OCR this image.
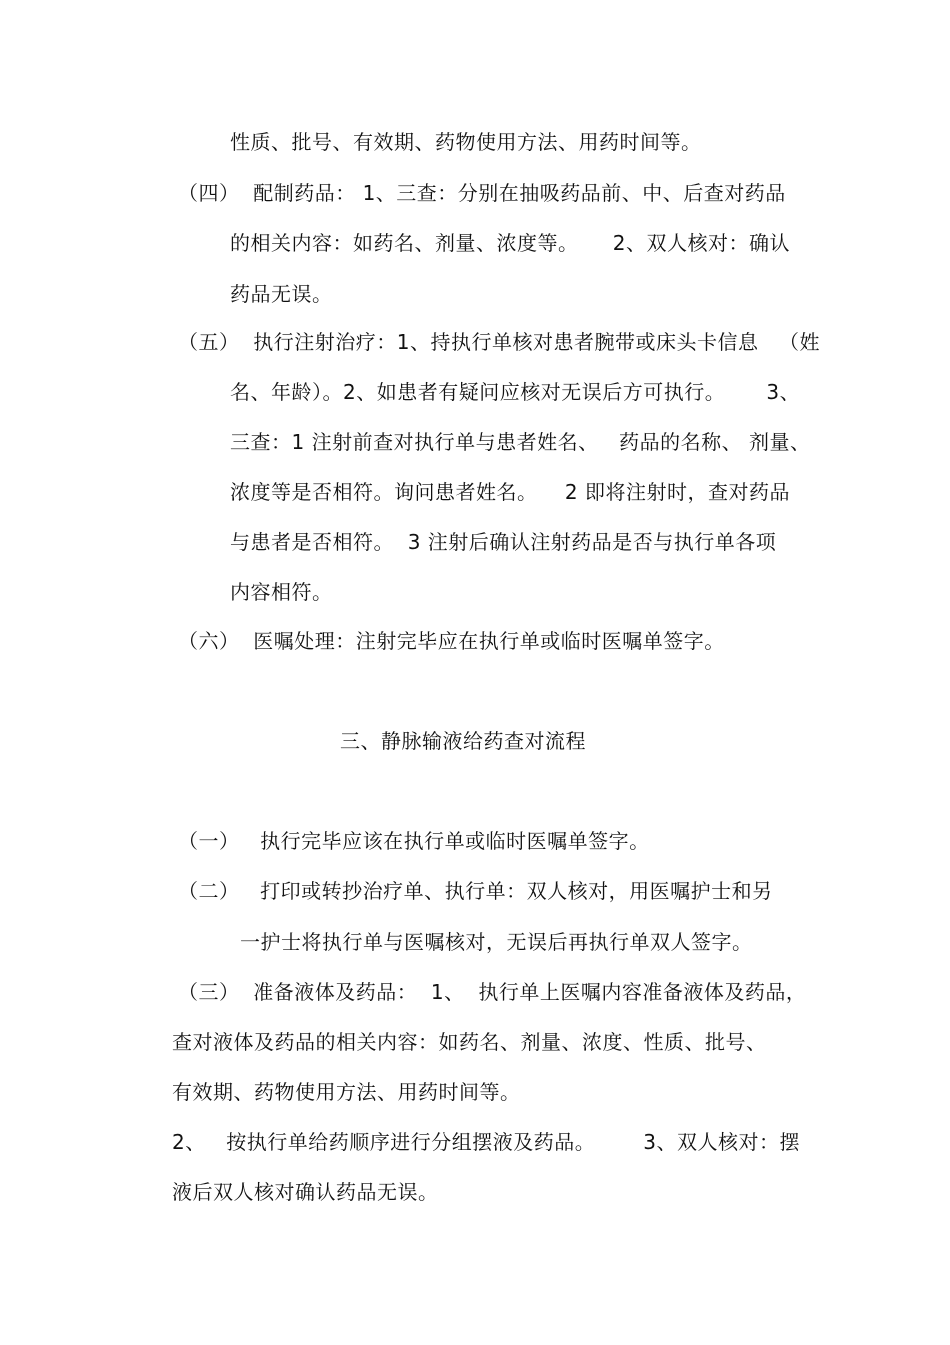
性质、批号、有效期、药物使用方法、用药时间等。
（四）  配制药品： 1、三查：分别在抽吸药品前、中、后查对药品
的相关内容：如药名、剂量、浓度等。     2、双人核对：确认
药品无误。
（五）  执行注射治疗：1、持执行单核对患者腕带或床头卡信息   （姓
名、年龄）。2、如患者有疑问应核对无误后方可执行。      3、
三查：1 注射前查对执行单与患者姓名、   药品的名称、 剂量、
浓度等是否相符。询问患者姓名。    2 即将注射时，查对药品
与患者是否相符。  3 注射后确认注射药品是否与执行单各项
内容相符。
（六）  医嘱处理：注射完毕应在执行单或临时医嘱单签字。
三、静脉输液给药查对流程
（一）   执行完毕应该在执行单或临时医嘱单签字。
（二）   打印或转抄治疗单、执行单：双人核对，用医嘱护士和另
一护士将执行单与医嘱核对，无误后再执行单双人签字。
（三）  准备液体及药品：  1、  执行单上医嘱内容准备液体及药品，
查对液体及药品的相关内容：如药名、剂量、浓度、性质、批号、
有效期、药物使用方法、用药时间等。
2、   按执行单给药顺序进行分组摆液及药品。       3、双人核对：摆
液后双人核对确认药品无误。
